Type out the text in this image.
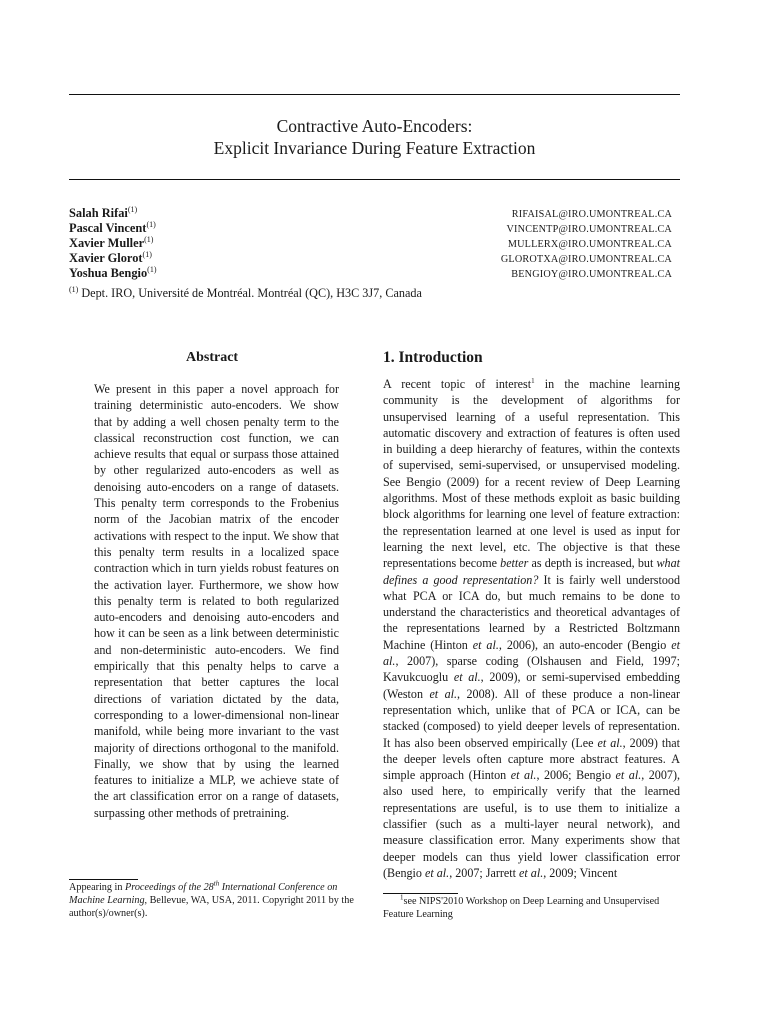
Contractive Auto-Encoders:
Explicit Invariance During Feature Extraction
Salah Rifai$^{(1)}$	RIFAISAL@IRO.UMONTREAL.CA
Pascal Vincent$^{(1)}$	VINCENTP@IRO.UMONTREAL.CA
Xavier Muller$^{(1)}$	MULLERX@IRO.UMONTREAL.CA
Xavier Glorot$^{(1)}$	GLOROTXA@IRO.UMONTREAL.CA
Yoshua Bengio$^{(1)}$	BENGIOY@IRO.UMONTREAL.CA
$^{(1)}$ Dept. IRO, Université de Montréal. Montréal (QC), H3C 3J7, Canada
Abstract
We present in this paper a novel approach for training deterministic auto-encoders. We show that by adding a well chosen penalty term to the classical reconstruction cost function, we can achieve results that equal or surpass those attained by other regularized auto-encoders as well as denoising auto-encoders on a range of datasets. This penalty term corresponds to the Frobenius norm of the Jacobian matrix of the encoder activations with respect to the input. We show that this penalty term results in a localized space contraction which in turn yields robust features on the activation layer. Furthermore, we show how this penalty term is related to both regularized auto-encoders and denoising auto-encoders and how it can be seen as a link between deterministic and non-deterministic auto-encoders. We find empirically that this penalty helps to carve a representation that better captures the local directions of variation dictated by the data, corresponding to a lower-dimensional non-linear manifold, while being more invariant to the vast majority of directions orthogonal to the manifold. Finally, we show that by using the learned features to initialize a MLP, we achieve state of the art classification error on a range of datasets, surpassing other methods of pretraining.
1. Introduction
A recent topic of interest$^1$ in the machine learning community is the development of algorithms for unsupervised learning of a useful representation. This automatic discovery and extraction of features is often used in building a deep hierarchy of features, within the contexts of supervised, semi-supervised, or unsupervised modeling. See Bengio (2009) for a recent review of Deep Learning algorithms. Most of these methods exploit as basic building block algorithms for learning one level of feature extraction: the representation learned at one level is used as input for learning the next level, etc. The objective is that these representations become better as depth is increased, but what defines a good representation? It is fairly well understood what PCA or ICA do, but much remains to be done to understand the characteristics and theoretical advantages of the representations learned by a Restricted Boltzmann Machine (Hinton et al., 2006), an auto-encoder (Bengio et al., 2007), sparse coding (Olshausen and Field, 1997; Kavukcuoglu et al., 2009), or semi-supervised embedding (Weston et al., 2008). All of these produce a non-linear representation which, unlike that of PCA or ICA, can be stacked (composed) to yield deeper levels of representation. It has also been observed empirically (Lee et al., 2009) that the deeper levels often capture more abstract features. A simple approach (Hinton et al., 2006; Bengio et al., 2007), also used here, to empirically verify that the learned representations are useful, is to use them to initialize a classifier (such as a multi-layer neural network), and measure classification error. Many experiments show that deeper models can thus yield lower classification error (Bengio et al., 2007; Jarrett et al., 2009; Vincent
Appearing in Proceedings of the 28th International Conference on Machine Learning, Bellevue, WA, USA, 2011. Copyright 2011 by the author(s)/owner(s).
$^1$see NIPS'2010 Workshop on Deep Learning and Unsupervised Feature Learning
